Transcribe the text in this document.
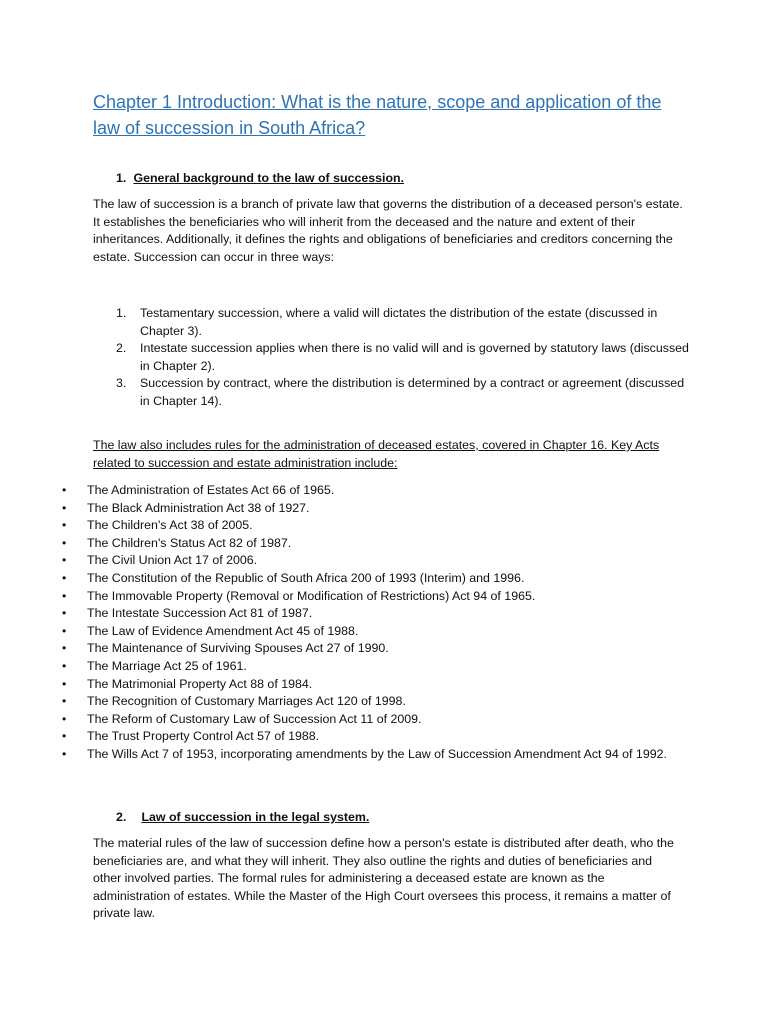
Chapter 1 Introduction: What is the nature, scope and application of the law of succession in South Africa?
1. General background to the law of succession.

The law of succession is a branch of private law that governs the distribution of a deceased person's estate. It establishes the beneficiaries who will inherit from the deceased and the nature and extent of their inheritances. Additionally, it defines the rights and obligations of beneficiaries and creditors concerning the estate. Succession can occur in three ways:

1. Testamentary succession, where a valid will dictates the distribution of the estate (discussed in Chapter 3).
2. Intestate succession applies when there is no valid will and is governed by statutory laws (discussed in Chapter 2).
3. Succession by contract, where the distribution is determined by a contract or agreement (discussed in Chapter 14).

The law also includes rules for the administration of deceased estates, covered in Chapter 16. Key Acts related to succession and estate administration include:

• The Administration of Estates Act 66 of 1965.
• The Black Administration Act 38 of 1927.
• The Children's Act 38 of 2005.
• The Children's Status Act 82 of 1987.
• The Civil Union Act 17 of 2006.
• The Constitution of the Republic of South Africa 200 of 1993 (Interim) and 1996.
• The Immovable Property (Removal or Modification of Restrictions) Act 94 of 1965.
• The Intestate Succession Act 81 of 1987.
• The Law of Evidence Amendment Act 45 of 1988.
• The Maintenance of Surviving Spouses Act 27 of 1990.
• The Marriage Act 25 of 1961.
• The Matrimonial Property Act 88 of 1984.
• The Recognition of Customary Marriages Act 120 of 1998.
• The Reform of Customary Law of Succession Act 11 of 2009.
• The Trust Property Control Act 57 of 1988.
• The Wills Act 7 of 1953, incorporating amendments by the Law of Succession Amendment Act 94 of 1992.
2. Law of succession in the legal system.

The material rules of the law of succession define how a person's estate is distributed after death, who the beneficiaries are, and what they will inherit. They also outline the rights and duties of beneficiaries and other involved parties. The formal rules for administering a deceased estate are known as the administration of estates. While the Master of the High Court oversees this process, it remains a matter of private law.
